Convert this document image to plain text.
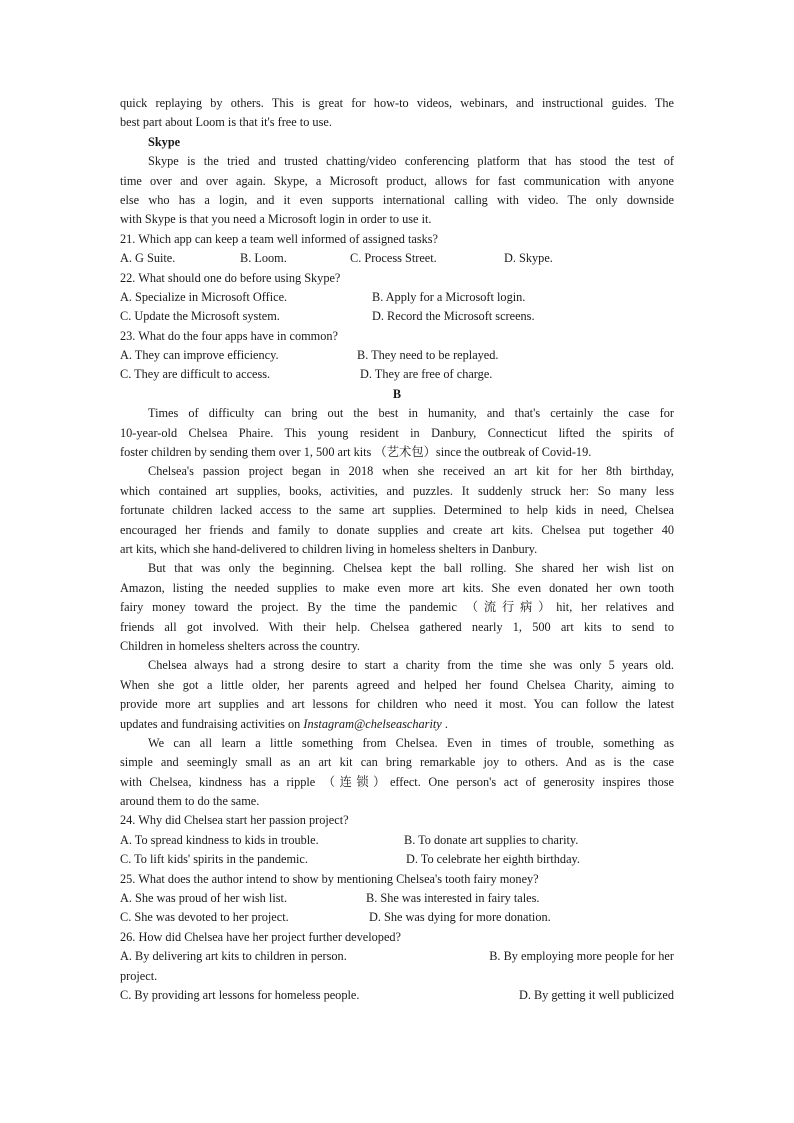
quick replaying by others. This is great for how-to videos, webinars, and instructional guides. The
best part about Loom is that it's free to use.
Skype
Skype is the tried and trusted chatting/video conferencing platform that has stood the test of
time over and over again. Skype, a Microsoft product, allows for fast communication with anyone
else who has a login, and it even supports international calling with video. The only downside
with Skype is that you need a Microsoft login in order to use it.
21. Which app can keep a team well informed of assigned tasks?
A. G Suite.	B. Loom.	C. Process Street.	D. Skype.
22. What should one do before using Skype?
A. Specialize in Microsoft Office.	B. Apply for a Microsoft login.
C. Update the Microsoft system.	D. Record the Microsoft screens.
23. What do the four apps have in common?
A. They can improve efficiency.	B. They need to be replayed.
C. They are difficult to access.	D. They are free of charge.
B
Times of difficulty can bring out the best in humanity, and that's certainly the case for
10-year-old Chelsea Phaire. This young resident in Danbury, Connecticut lifted the spirits of
foster children by sending them over 1, 500 art kits （艺术包）since the outbreak of Covid-19.
Chelsea's passion project began in 2018 when she received an art kit for her 8th birthday,
which contained art supplies, books, activities, and puzzles. It suddenly struck her: So many less
fortunate children lacked access to the same art supplies. Determined to help kids in need, Chelsea
encouraged her friends and family to donate supplies and create art kits. Chelsea put together 40
art kits, which she hand-delivered to children living in homeless shelters in Danbury.
But that was only the beginning. Chelsea kept the ball rolling. She shared her wish list on
Amazon, listing the needed supplies to make even more art kits. She even donated her own tooth
fairy money toward the project. By the time the pandemic （流行病）hit, her relatives and
friends all got involved. With their help. Chelsea gathered nearly 1, 500 art kits to send to
Children in homeless shelters across the country.
Chelsea always had a strong desire to start a charity from the time she was only 5 years old.
When she got a little older, her parents agreed and helped her found Chelsea Charity, aiming to
provide more art supplies and art lessons for children who need it most. You can follow the latest
updates and fundraising activities on Instagram@chelseascharity .
We can all learn a little something from Chelsea. Even in times of trouble, something as
simple and seemingly small as an art kit can bring remarkable joy to others. And as is the case
with Chelsea, kindness has a ripple （连锁）effect. One person's act of generosity inspires those
around them to do the same.
24. Why did Chelsea start her passion project?
A. To spread kindness to kids in trouble.	B. To donate art supplies to charity.
C. To lift kids' spirits in the pandemic.	D. To celebrate her eighth birthday.
25. What does the author intend to show by mentioning Chelsea's tooth fairy money?
A. She was proud of her wish list.	B. She was interested in fairy tales.
C. She was devoted to her project.	D. She was dying for more donation.
26. How did Chelsea have her project further developed?
A. By delivering art kits to children in person.	B. By employing more people for her
project.
C. By providing art lessons for homeless people.	D. By getting it well publicized
